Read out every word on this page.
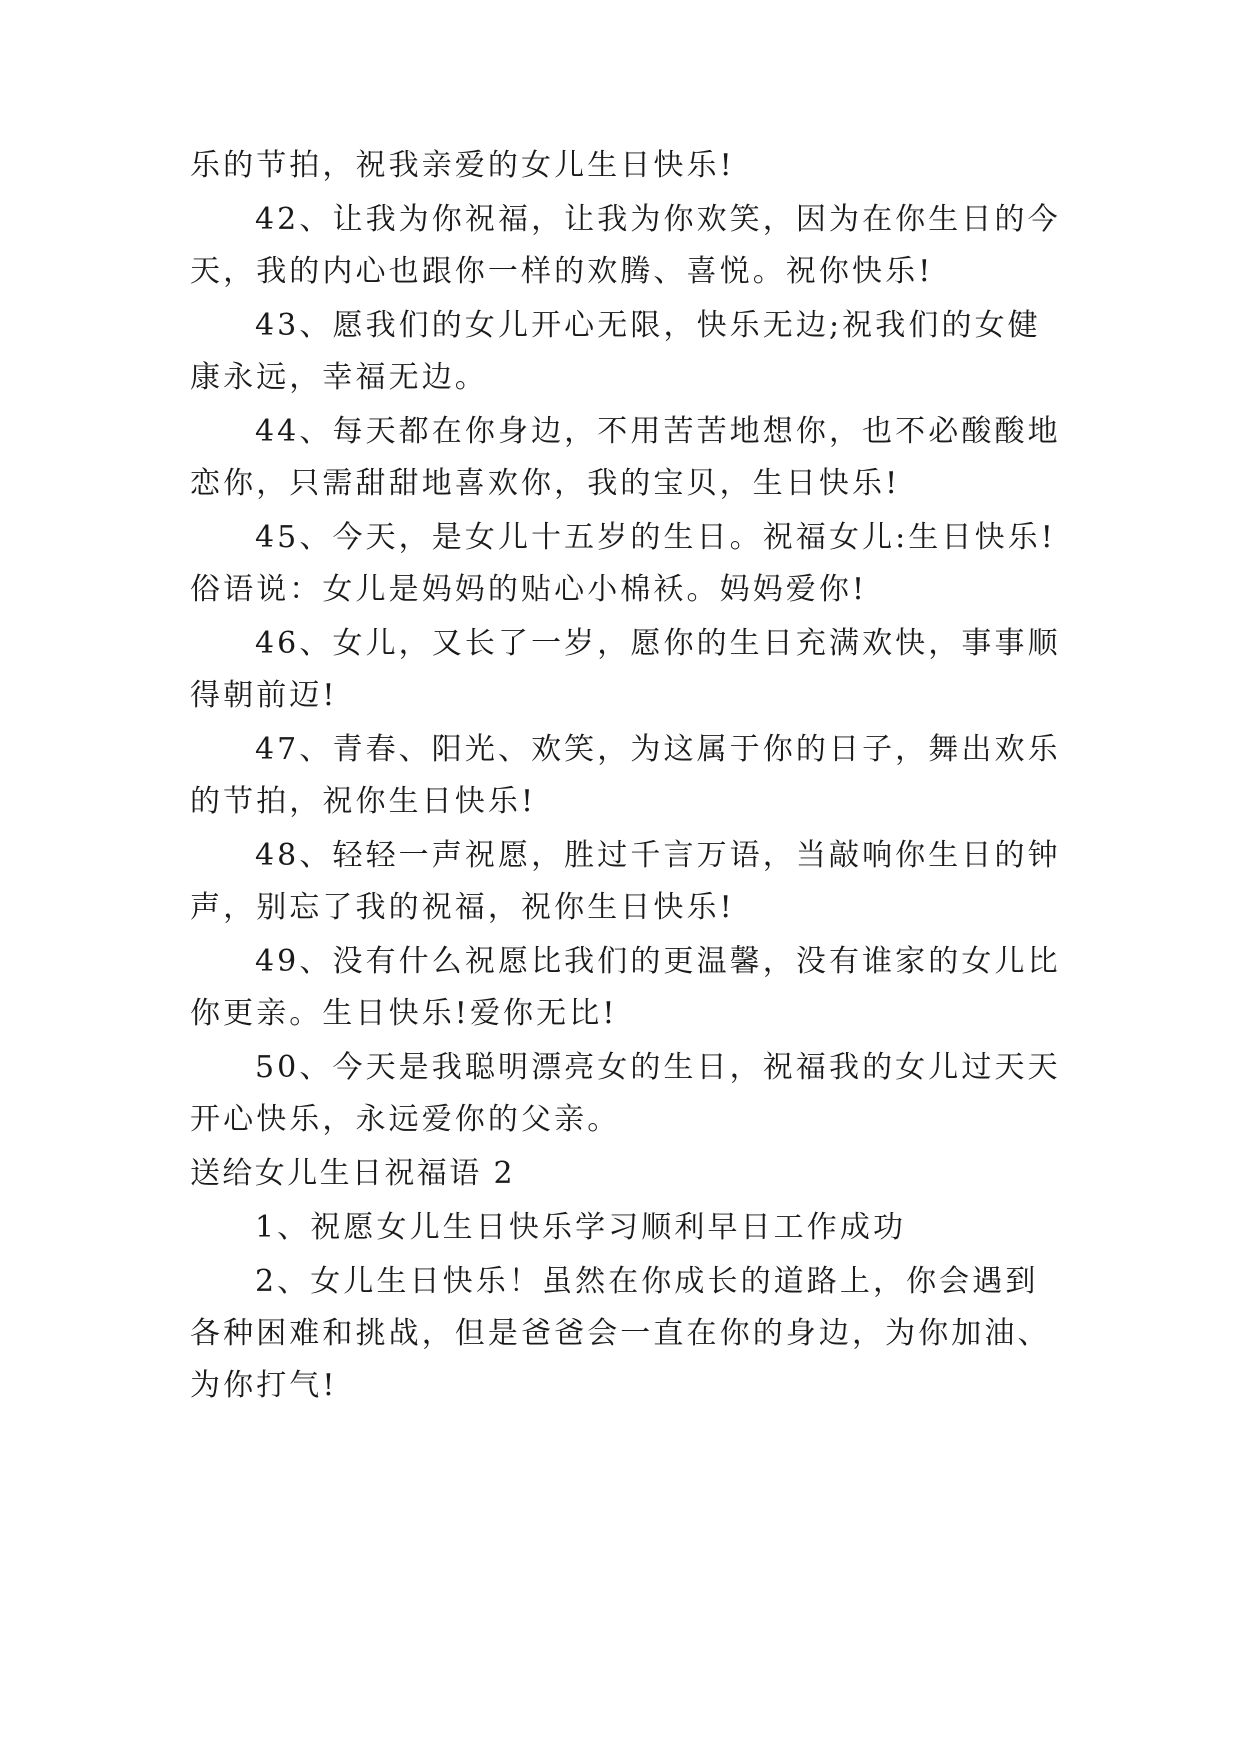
乐的节拍，祝我亲爱的女儿生日快乐!

42、让我为你祝福，让我为你欢笑，因为在你生日的今

天，我的内心也跟你一样的欢腾、喜悦。祝你快乐!

43、愿我们的女儿开心无限，快乐无边;祝我们的女健

康永远，幸福无边。

44、每天都在你身边，不用苦苦地想你，也不必酸酸地

恋你，只需甜甜地喜欢你，我的宝贝，生日快乐!

45、今天，是女儿十五岁的生日。祝福女儿:生日快乐!

俗语说：女儿是妈妈的贴心小棉袄。妈妈爱你!

46、女儿，又长了一岁，愿你的生日充满欢快，事事顺

得朝前迈!

47、青春、阳光、欢笑，为这属于你的日子，舞出欢乐

的节拍，祝你生日快乐!

48、轻轻一声祝愿，胜过千言万语，当敲响你生日的钟

声，别忘了我的祝福，祝你生日快乐!

49、没有什么祝愿比我们的更温馨，没有谁家的女儿比

你更亲。生日快乐!爱你无比!

50、今天是我聪明漂亮女的生日，祝福我的女儿过天天

开心快乐，永远爱你的父亲。

送给女儿生日祝福语 2

1、祝愿女儿生日快乐学习顺利早日工作成功

2、女儿生日快乐！虽然在你成长的道路上，你会遇到

各种困难和挑战，但是爸爸会一直在你的身边，为你加油、

为你打气!
